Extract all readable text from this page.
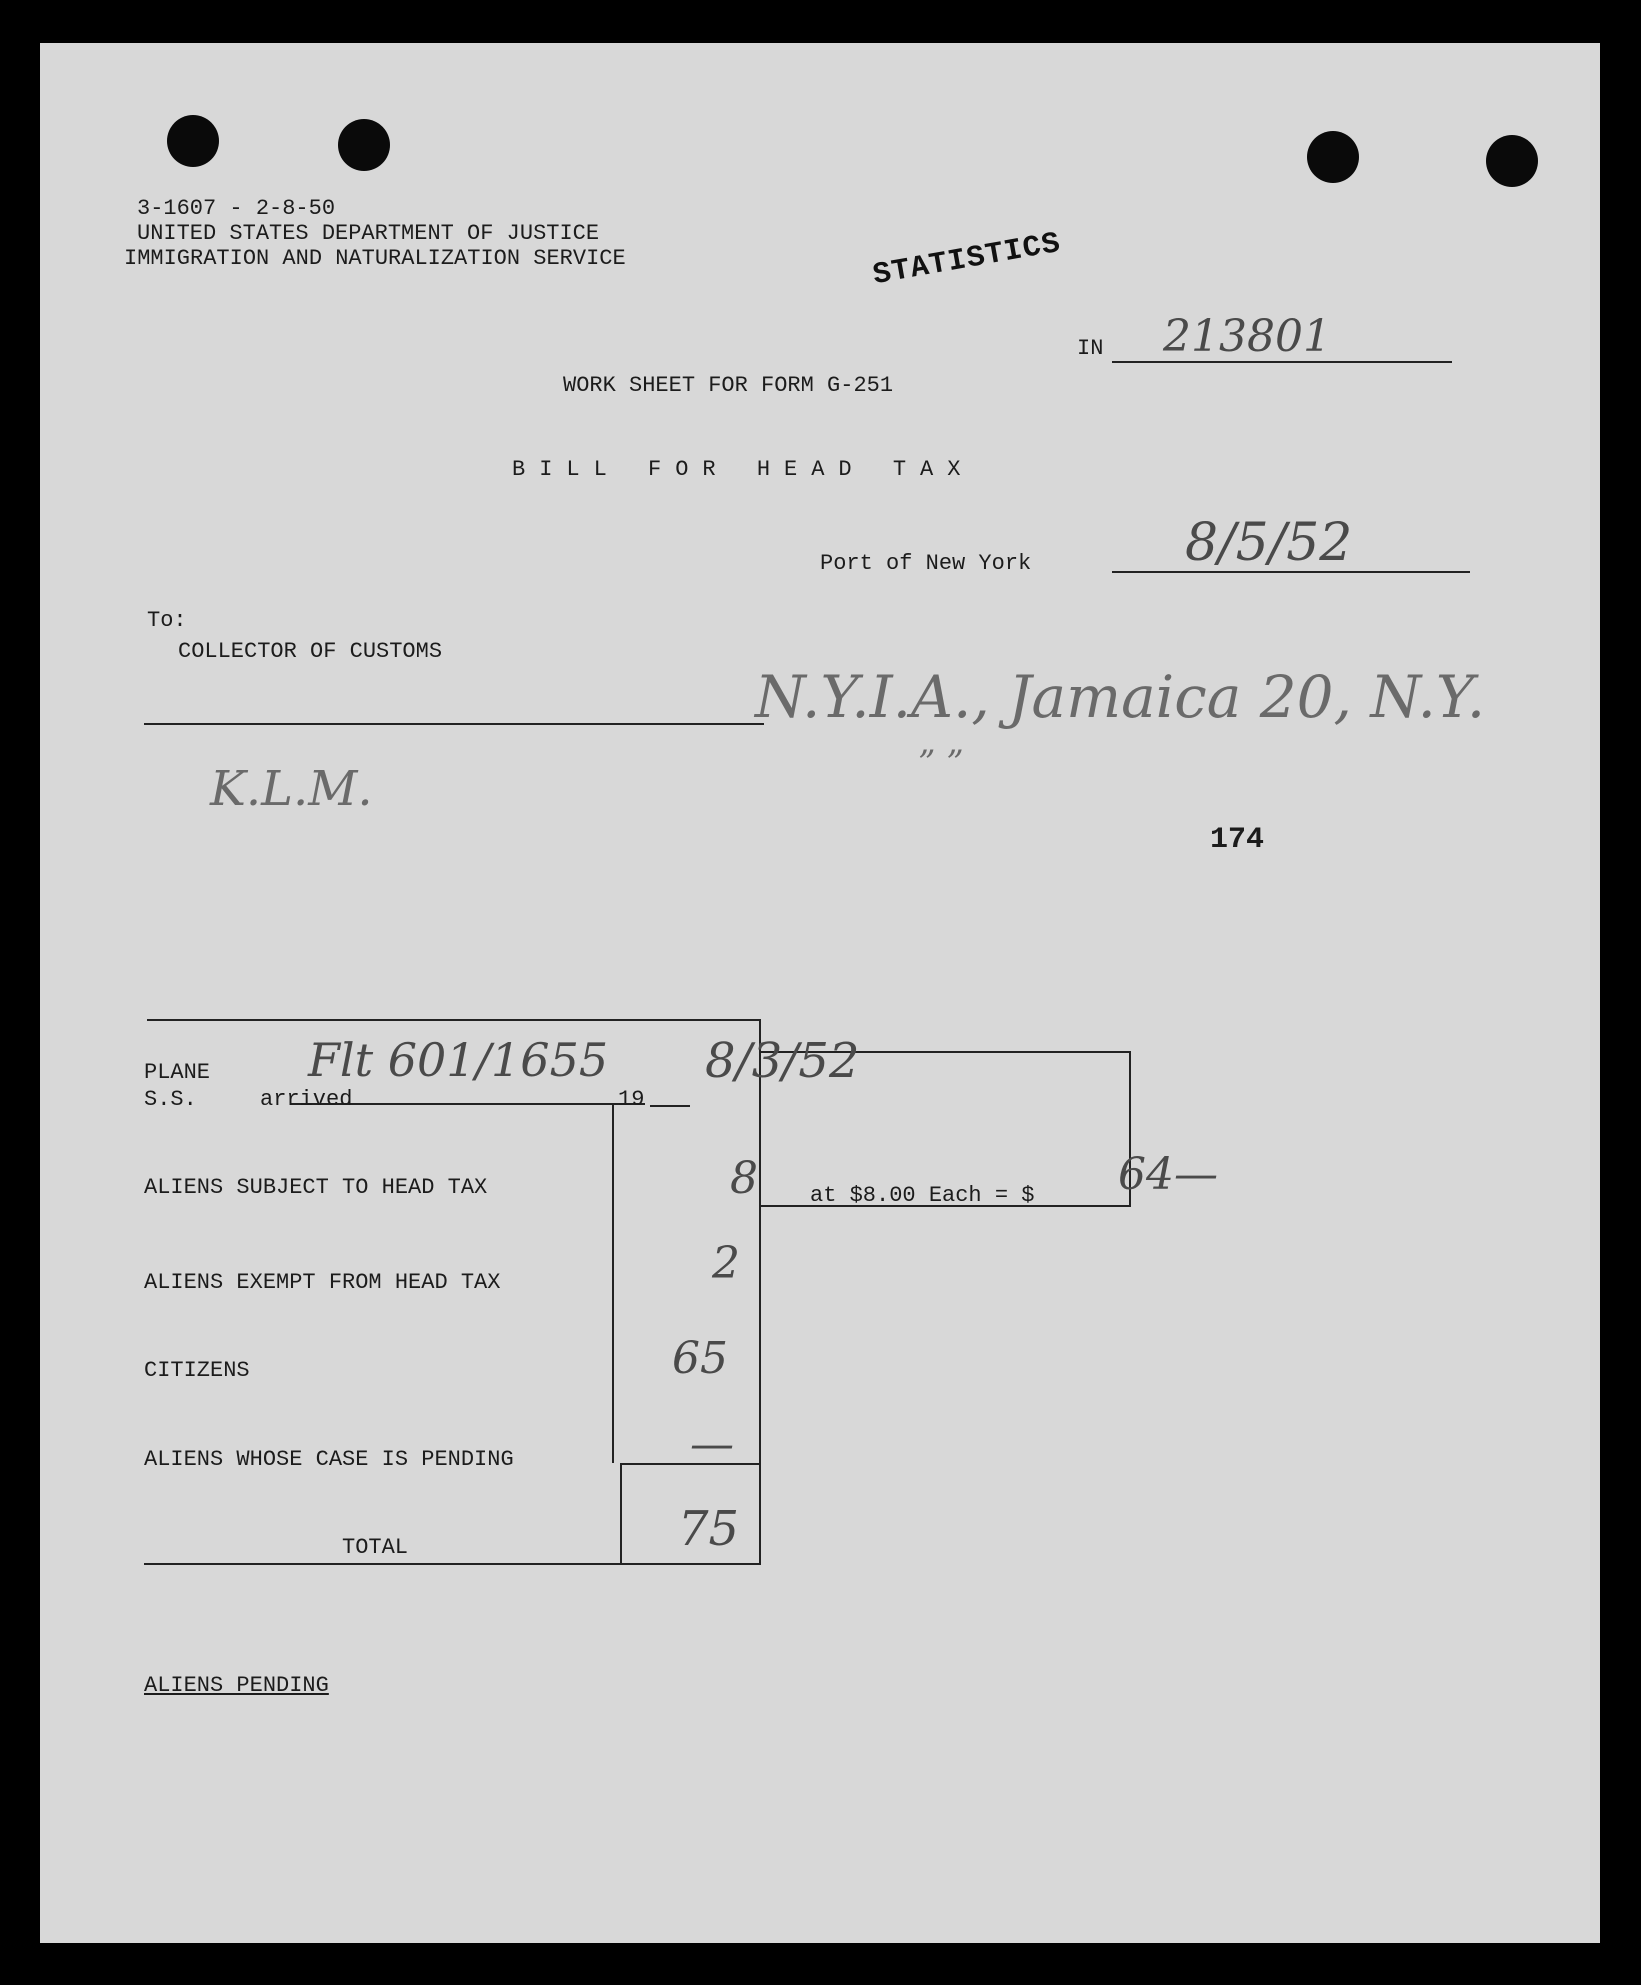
3-1607 - 2-8-50
UNITED STATES DEPARTMENT OF JUSTICE
IMMIGRATION AND NATURALIZATION SERVICE	STATISTICS
IN 213801
WORK SHEET FOR FORM G-251
BILL FOR HEAD TAX
Port of New York	8/5/52
To:
COLLECTOR OF CUSTOMS
N.Y.I.A., Jamaica 20, N.Y.
” ”
K.L.M.
174
PLANE
S.S.	arrived	19
Flt 601/1655 8/3/52
ALIENS SUBJECT TO HEAD TAX	8 at $8.00 Each = $ 64—
ALIENS EXEMPT FROM HEAD TAX	2
CITIZENS	65
ALIENS WHOSE CASE IS PENDING	—
TOTAL	75
ALIENS PENDING
